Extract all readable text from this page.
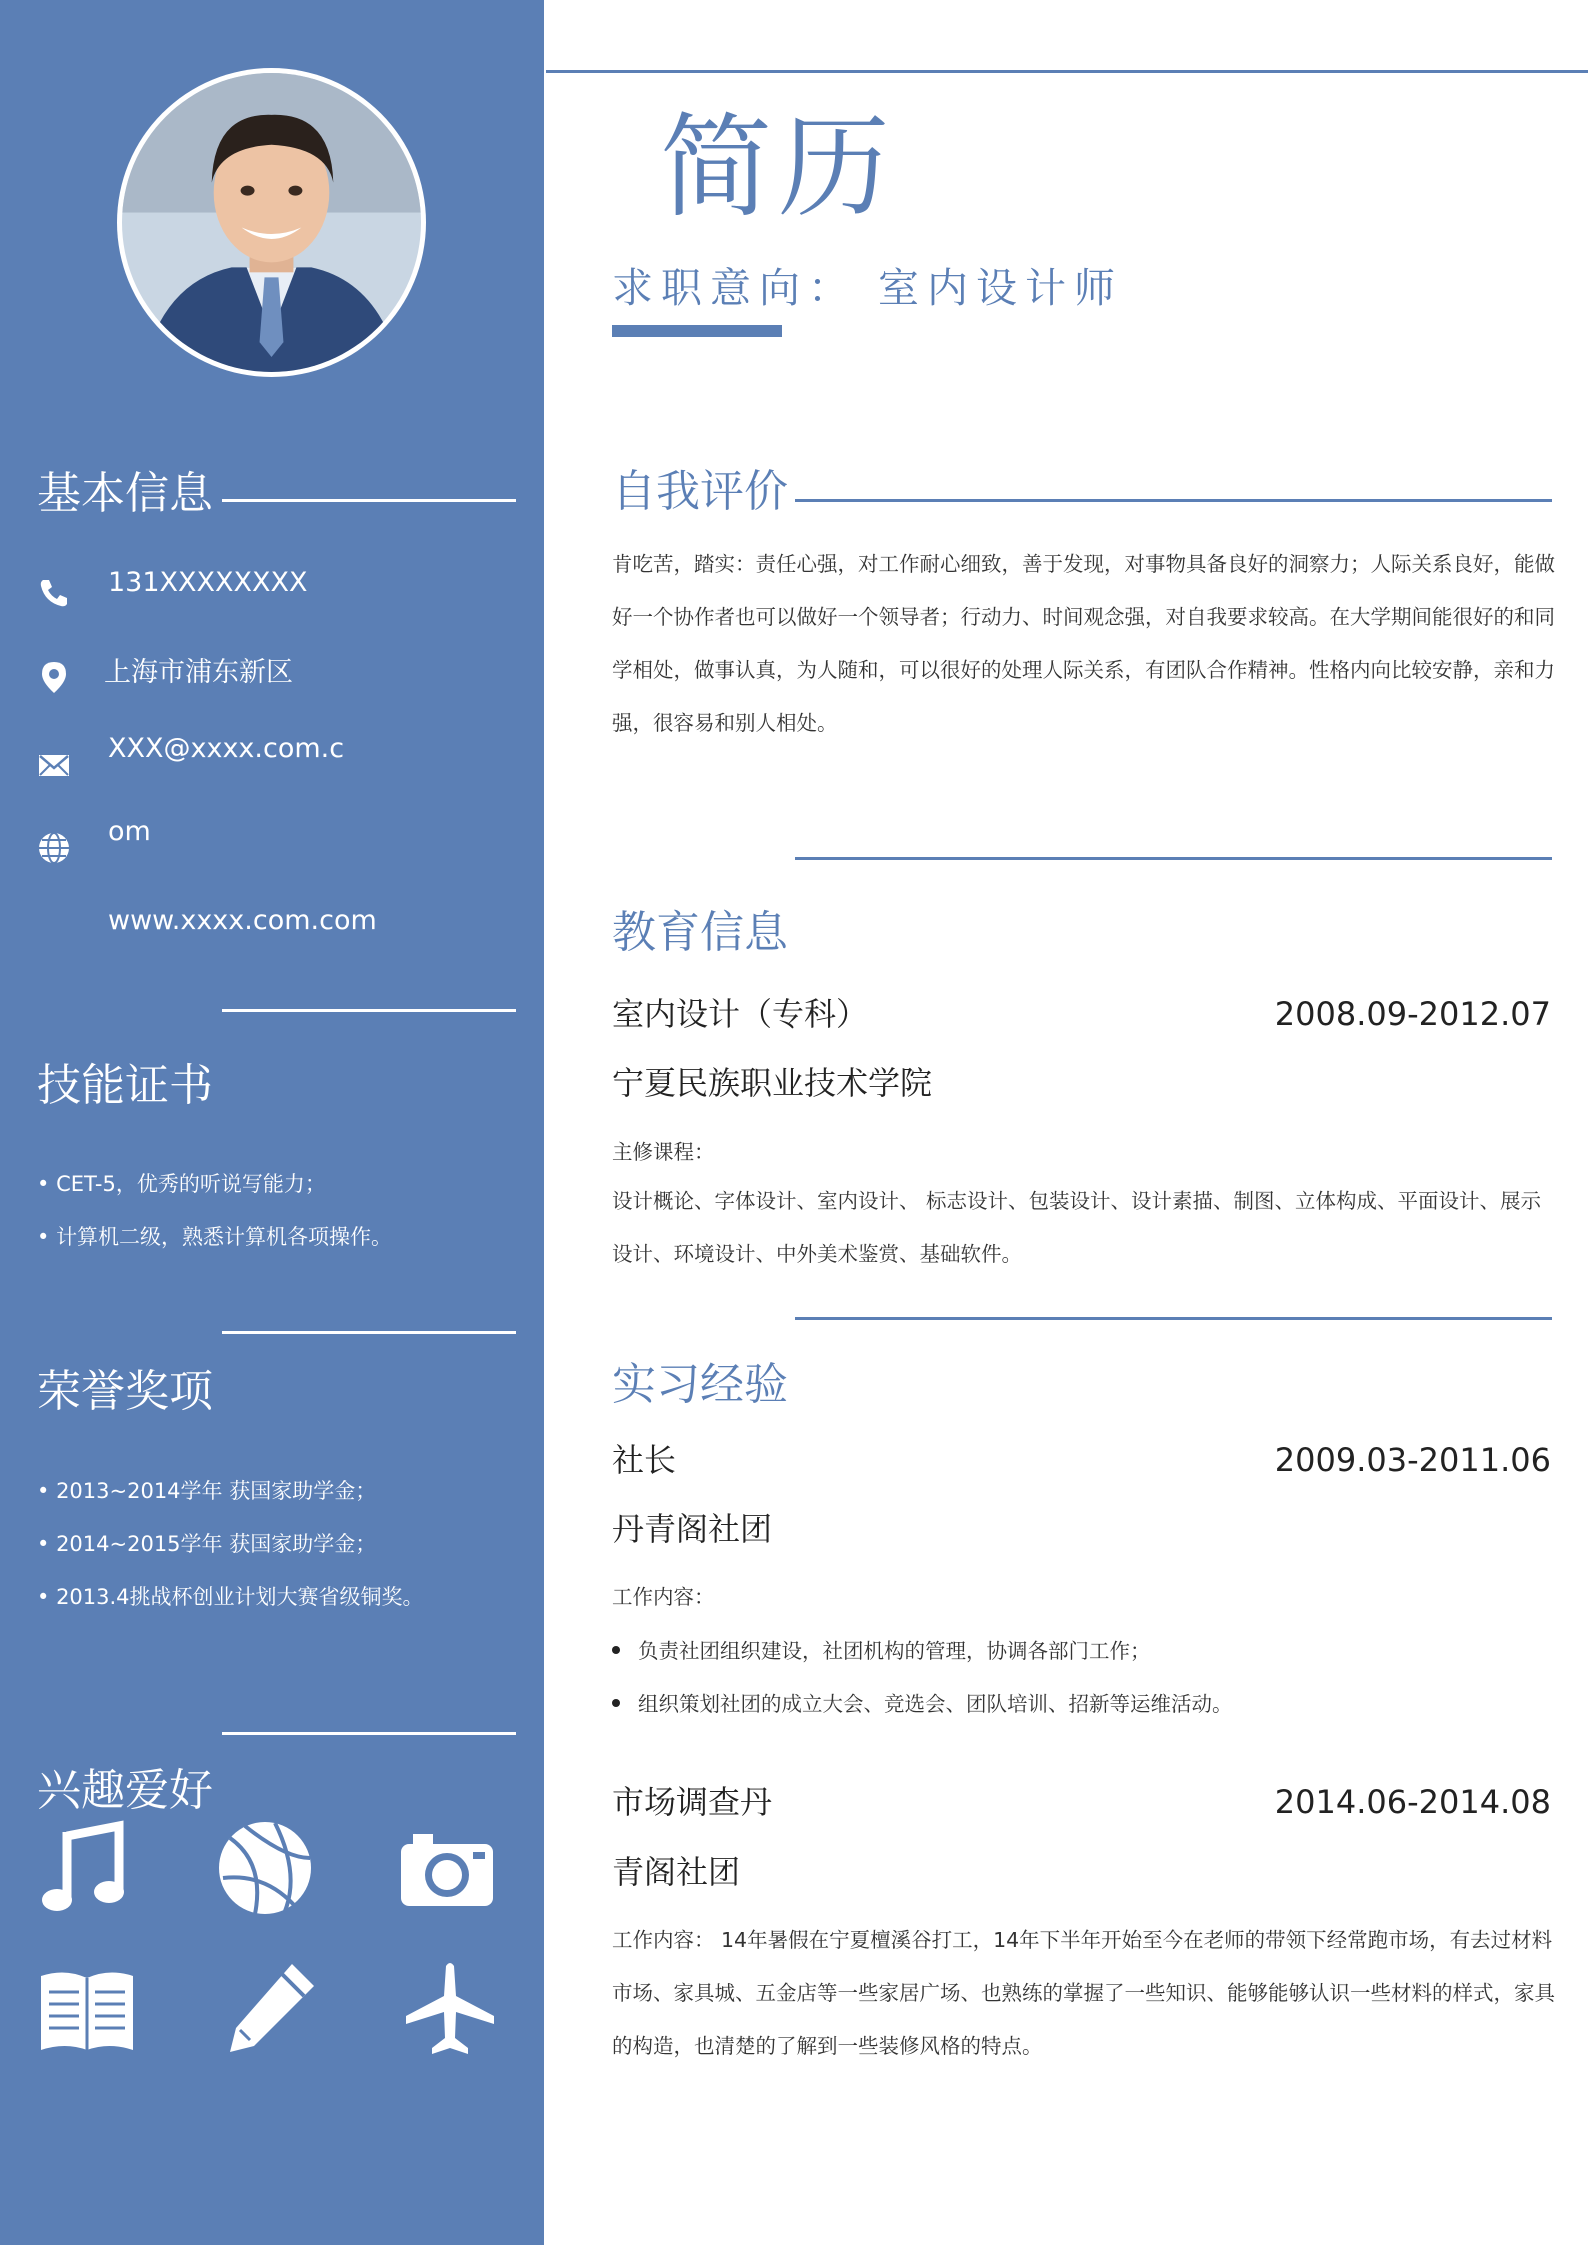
基本信息
131XXXXXXXX
上海市浦东新区
XXX@xxxx.com.c
om
www.xxxx.com.com
技能证书
• CET-5，优秀的听说写能力；
• 计算机二级，熟悉计算机各项操作。
荣誉奖项
• 2013~2014学年 获国家助学金；
• 2014~2015学年 获国家助学金；
• 2013.4挑战杯创业计划大赛省级铜奖。
兴趣爱好
简历
求职意向： 室内设计师
自我评价
肯吃苦，踏实：责任心强，对工作耐心细致，善于发现，对事物具备良好的洞察力；人际关系良好，能做好一个协作者也可以做好一个领导者；行动力、时间观念强，对自我要求较高。在大学期间能很好的和同学相处，做事认真，为人随和，可以很好的处理人际关系，有团队合作精神。性格内向比较安静，亲和力强，很容易和别人相处。
教育信息
室内设计（专科）	2008.09-2012.07
宁夏民族职业技术学院
主修课程：
设计概论、字体设计、室内设计、 标志设计、包装设计、设计素描、制图、立体构成、平面设计、展示设计、环境设计、中外美术鉴赏、基础软件。
实习经验
社长	2009.03-2011.06
丹青阁社团
工作内容：
负责社团组织建设，社团机构的管理，协调各部门工作；
组织策划社团的成立大会、竞选会、团队培训、招新等运维活动。
市场调查丹	2014.06-2014.08
青阁社团
工作内容： 14年暑假在宁夏檀溪谷打工，14年下半年开始至今在老师的带领下经常跑市场，有去过材料市场、家具城、五金店等一些家居广场、也熟练的掌握了一些知识、能够能够认识一些材料的样式，家具的构造，也清楚的了解到一些装修风格的特点。
